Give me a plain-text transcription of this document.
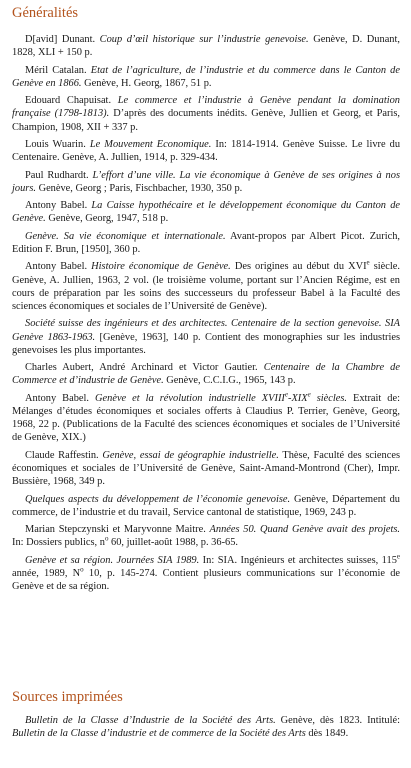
Généralités

D[avid] Dunant. Coup d’œil historique sur l’industrie genevoise. Genève, D. Dunant, 1828, XLI + 150 p.

Méril Catalan. Etat de l’agriculture, de l’industrie et du commerce dans le Canton de Genève en 1866. Genève, H. Georg, 1867, 51 p.

Edouard Chapuisat. Le commerce et l’industrie à Genève pendant la domination française (1798-1813). D’après des documents inédits. Genève, Jullien et Georg, et Paris, Champion, 1908, XII + 337 p.

Louis Wuarin. Le Mouvement Economique. In: 1814-1914. Genève Suisse. Le livre du Centenaire. Genève, A. Jullien, 1914, p. 329-434.

Paul Rudhardt. L’effort d’une ville. La vie économique à Genève de ses origines à nos jours. Genève, Georg ; Paris, Fischbacher, 1930, 350 p.

Antony Babel. La Caisse hypothécaire et le développement économique du Canton de Genève. Genève, Georg, 1947, 518 p.

Genève. Sa vie économique et internationale. Avant-propos par Albert Picot. Zurich, Edition F. Brun, [1950], 360 p.

Antony Babel. Histoire économique de Genève. Des origines au début du XVIe siècle. Genève, A. Jullien, 1963, 2 vol. (le troisième volume, portant sur l’Ancien Régime, est en cours de préparation par les soins des successeurs du professeur Babel à la Faculté des sciences économiques et sociales de l’Université de Genève).

Société suisse des ingénieurs et des architectes. Centenaire de la section genevoise. SIA Genève 1863-1963. [Genève, 1963], 140 p. Contient des monographies sur les industries genevoises les plus importantes.

Charles Aubert, André Archinard et Victor Gautier. Centenaire de la Chambre de Commerce et d’industrie de Genève. Genève, C.C.I.G., 1965, 143 p.

Antony Babel. Genève et la révolution industrielle XVIIIe-XIXe siècles. Extrait de: Mélanges d’études économiques et sociales offerts à Claudius P. Terrier, Genève, Georg, 1968, 22 p. (Publications de la Faculté des sciences économiques et sociales de l’Université de Genève, XIX.)

Claude Raffestin. Genève, essai de géographie industrielle. Thèse, Faculté des sciences économiques et sociales de l’Université de Genève, Saint-Amand-Montrond (Cher), Impr. Bussière, 1968, 349 p.

Quelques aspects du développement de l’économie genevoise. Genève, Département du commerce, de l’industrie et du travail, Service cantonal de statistique, 1969, 243 p.

Marian Stepczynski et Maryvonne Maitre. Années 50. Quand Genève avait des projets. In: Dossiers publics, $n^o$ 60, juillet-août 1988, p. 36-65.

Genève et sa région. Journées SIA 1989. In: SIA. Ingénieurs et architectes suisses, 115e année, 1989, $N^o$ 10, p. 145-274. Contient plusieurs communications sur l’économie de Genève et de sa région.

Sources imprimées

Bulletin de la Classe d’Industrie de la Société des Arts. Genève, dès 1823. Intitulé: Bulletin de la Classe d’industrie et de commerce de la Société des Arts dès 1849.
